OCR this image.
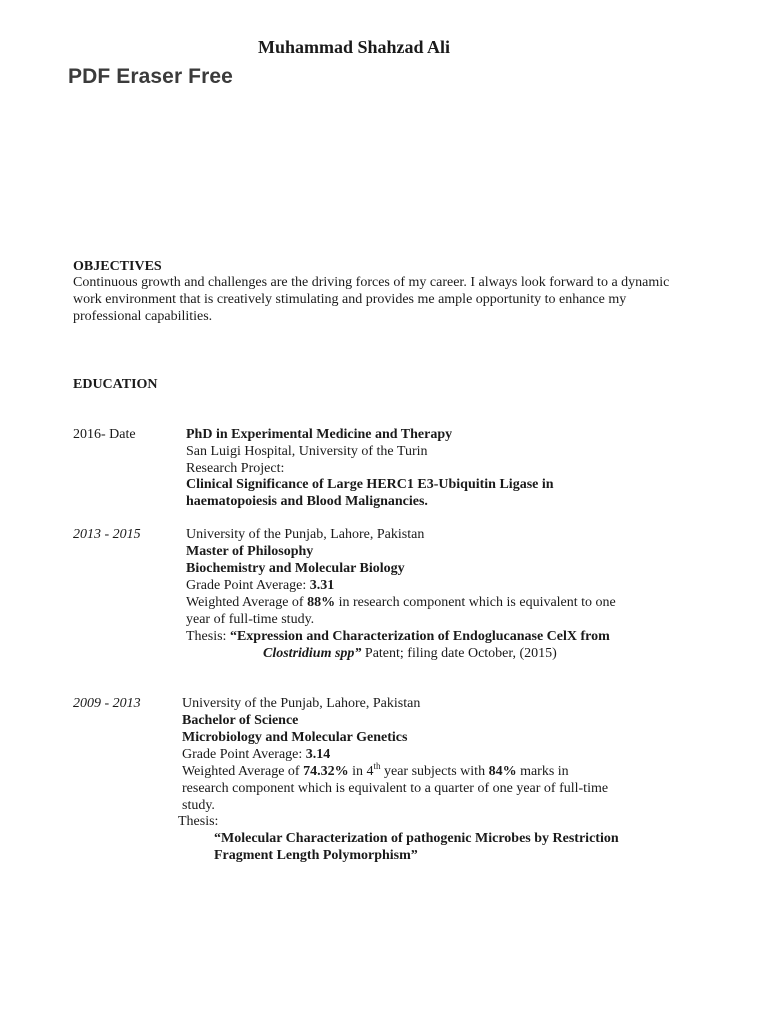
Muhammad Shahzad Ali
PDF Eraser Free
OBJECTIVES
Continuous growth and challenges are the driving forces of my career. I always look forward to a dynamic work environment that is creatively stimulating and provides me ample opportunity to enhance my professional capabilities.
EDUCATION
2016- Date	PhD in Experimental Medicine and Therapy
San Luigi Hospital, University of the Turin
Research Project:
Clinical Significance of Large HERC1 E3-Ubiquitin Ligase in
haematopoiesis and Blood Malignancies.
2013 - 2015	University of the Punjab, Lahore, Pakistan
Master of Philosophy
Biochemistry and Molecular Biology
Grade Point Average: 3.31
Weighted Average of 88% in research component which is equivalent to one
year of full-time study.
Thesis: “Expression and Characterization of Endoglucanase CelX from
Clostridium spp” Patent; filing date October, (2015)
2009 - 2013	University of the Punjab, Lahore, Pakistan
Bachelor of Science
Microbiology and Molecular Genetics
Grade Point Average: 3.14
Weighted Average of 74.32% in 4th year subjects with 84% marks in
research component which is equivalent to a quarter of one year of full-time
study.
Thesis:
“Molecular Characterization of pathogenic Microbes by Restriction
Fragment Length Polymorphism”
